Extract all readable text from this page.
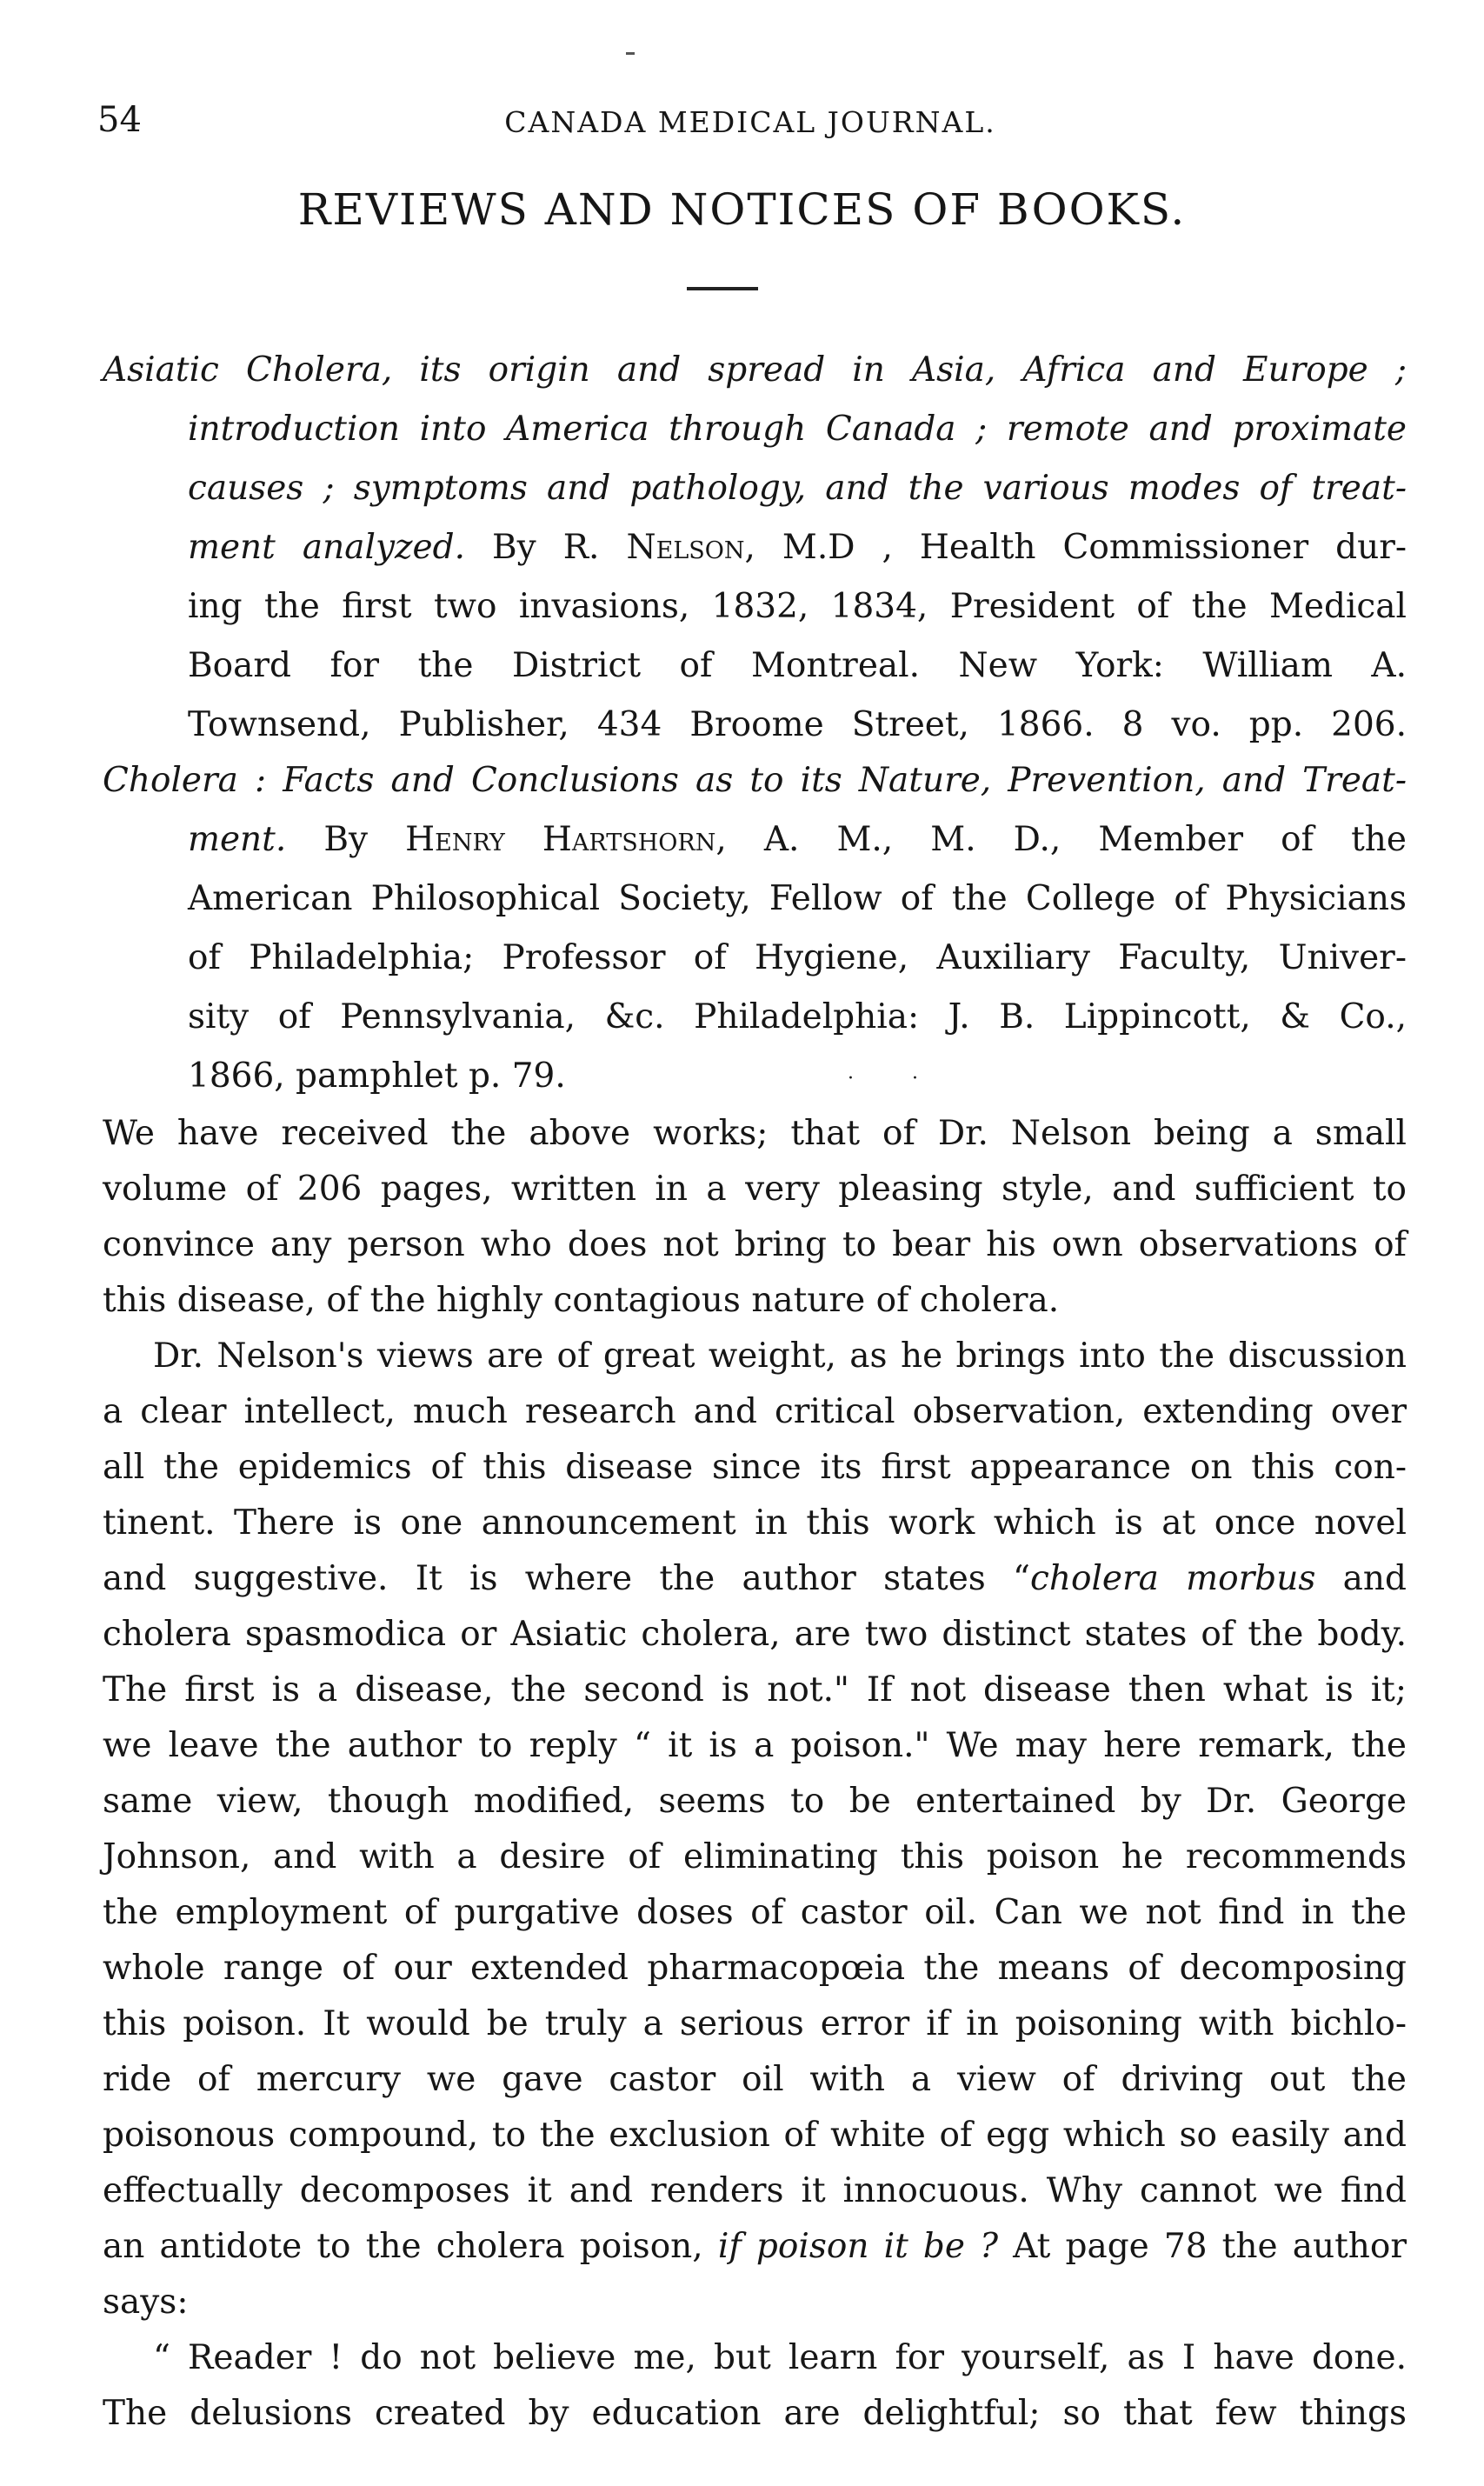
54	CANADA MEDICAL JOURNAL.
REVIEWS AND NOTICES OF BOOKS.
Asiatic Cholera, its origin and spread in Asia, Africa and Europe ;
introduction into America through Canada ; remote and proximate
causes ; symptoms and pathology, and the various modes of treat-
ment analyzed. By R. Nelson, M.D , Health Commissioner dur-
ing the first two invasions, 1832, 1834, President of the Medical
Board for the District of Montreal. New York: William A.
Townsend, Publisher, 434 Broome Street, 1866. 8 vo. pp. 206.
Cholera : Facts and Conclusions as to its Nature, Prevention, and Treat-
ment. By Henry Hartshorn, A. M., M. D., Member of the
American Philosophical Society, Fellow of the College of Physicians
of Philadelphia; Professor of Hygiene, Auxiliary Faculty, Univer-
sity of Pennsylvania, &c. Philadelphia: J. B. Lippincott, & Co.,
1866, pamphlet p. 79.	· ·
We have received the above works; that of Dr. Nelson being a small
volume of 206 pages, written in a very pleasing style, and sufficient to
convince any person who does not bring to bear his own observations of
this disease, of the highly contagious nature of cholera.
Dr. Nelson's views are of great weight, as he brings into the discussion
a clear intellect, much research and critical observation, extending over
all the epidemics of this disease since its first appearance on this con-
tinent. There is one announcement in this work which is at once novel
and suggestive. It is where the author states “cholera morbus and
cholera spasmodica or Asiatic cholera, are two distinct states of the body.
The first is a disease, the second is not." If not disease then what is it;
we leave the author to reply “ it is a poison." We may here remark, the
same view, though modified, seems to be entertained by Dr. George
Johnson, and with a desire of eliminating this poison he recommends
the employment of purgative doses of castor oil. Can we not find in the
whole range of our extended pharmacopœia the means of decomposing
this poison. It would be truly a serious error if in poisoning with bichlo-
ride of mercury we gave castor oil with a view of driving out the
poisonous compound, to the exclusion of white of egg which so easily and
effectually decomposes it and renders it innocuous. Why cannot we find
an antidote to the cholera poison, if poison it be ? At page 78 the author
says:
“ Reader ! do not believe me, but learn for yourself, as I have done.
The delusions created by education are delightful; so that few things
